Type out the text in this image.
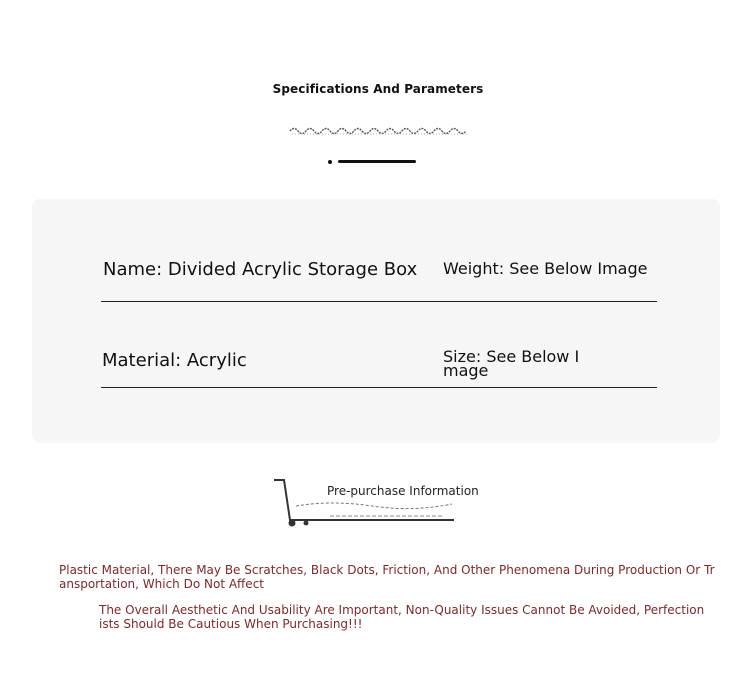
Specifications And Parameters
Name: Divided Acrylic Storage Box Weight: See Below Image
Material: Acrylic	Size: See Below I
mage
Pre-purchase Information
Plastic Material, There May Be Scratches, Black Dots, Friction, And Other Phenomena During Production Or Tr
ansportation, Which Do Not Affect
The Overall Aesthetic And Usability Are Important, Non-Quality Issues Cannot Be Avoided, Perfection
ists Should Be Cautious When Purchasing!!!
